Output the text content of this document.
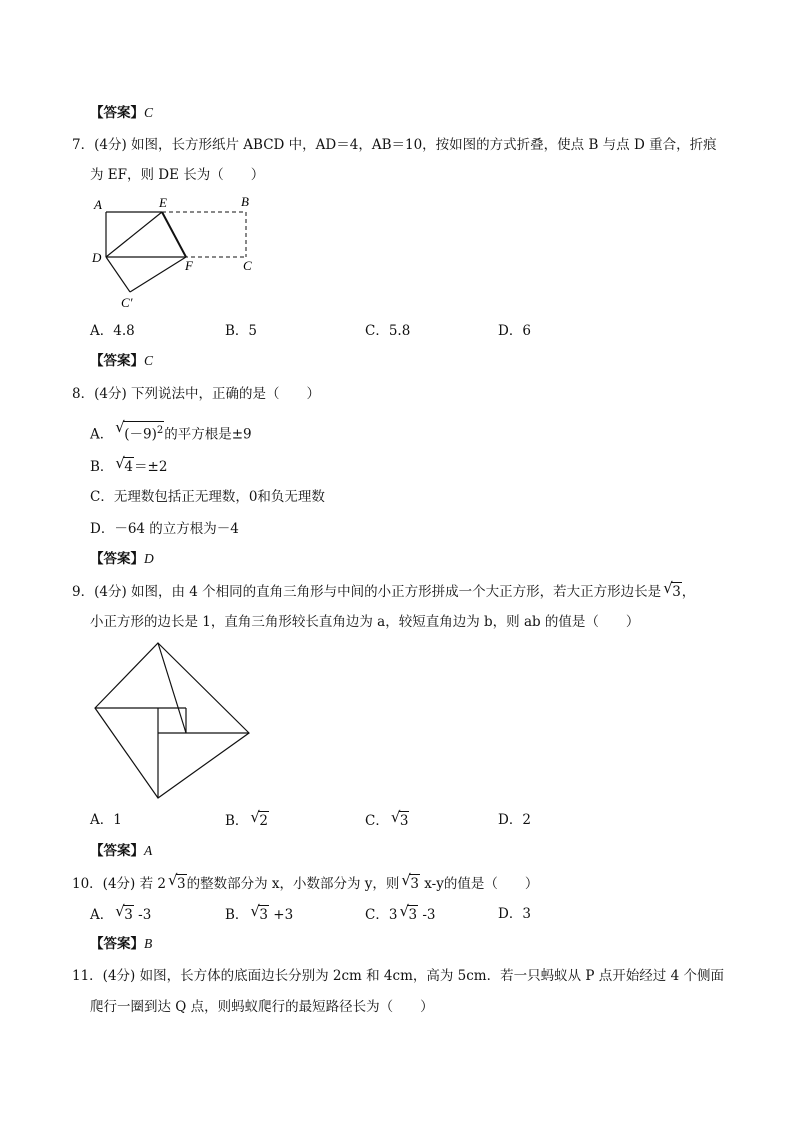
【答案】C
7．(4分) 如图，长方形纸片 ABCD 中，AD＝4，AB＝10，按如图的方式折叠，使点 B 与点 D 重合，折痕
为 EF，则 DE 长为（　　）
A	E	B
D
F	C
C′
A．4.8	B．5	C．5.8	D．6
【答案】C
8．(4分) 下列说法中，正确的是（　　）
A． √ $(-9)^2$的平方根是±9
B． √ 4＝±2
C．无理数包括正无理数，0和负无理数
D．－64 的立方根为－4
【答案】D
9．(4分) 如图，由 4 个相同的直角三角形与中间的小正方形拼成一个大正方形，若大正方形边长是 √ 3，
小正方形的边长是 1，直角三角形较长直角边为 a，较短直角边为 b，则 ab 的值是（　　）
A．1	B． √ 2	C． √ 3	D．2
【答案】A
10．(4分) 若 2 √ 3的整数部分为 x，小数部分为 y，则 √ 3 x-y的值是（　　）
A． √ 3 -3	B． √ 3 +3	C．3 √ 3 -3	D．3
【答案】B
11．(4分) 如图，长方体的底面边长分别为 2cm 和 4cm，高为 5cm．若一只蚂蚁从 P 点开始经过 4 个侧面
爬行一圈到达 Q 点，则蚂蚁爬行的最短路径长为（　　）
